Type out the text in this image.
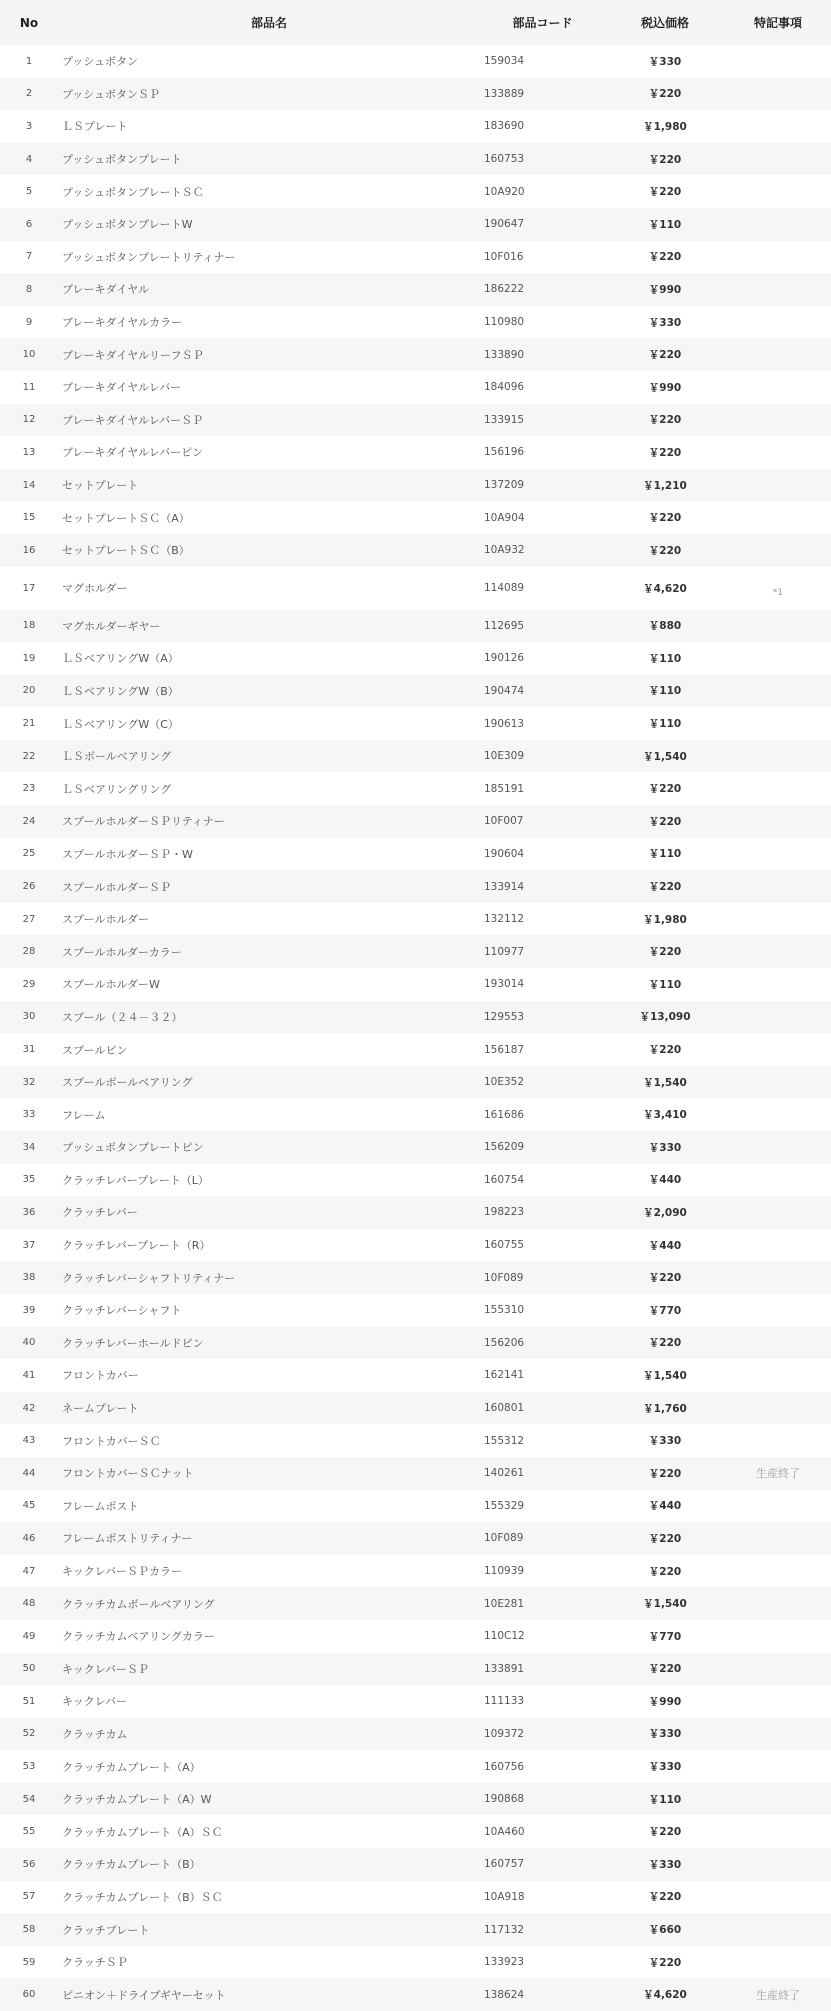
No	部品名	部品コード	税込価格	特記事項
1	プッシュボタン	159034	￥330	
2	プッシュボタンＳＰ	133889	￥220	
3	ＬＳプレート	183690	￥1,980	
4	プッシュボタンプレート	160753	￥220	
5	プッシュボタンプレートＳＣ	10A920	￥220	
6	プッシュボタンプレートW	190647	￥110	
7	プッシュボタンプレートリティナー	10F016	￥220	
8	ブレーキダイヤル	186222	￥990	
9	ブレーキダイヤルカラー	110980	￥330	
10	ブレーキダイヤルリーフＳＰ	133890	￥220	
11	ブレーキダイヤルレバー	184096	￥990	
12	ブレーキダイヤルレバーＳＰ	133915	￥220	
13	ブレーキダイヤルレバーピン	156196	￥220	
14	セットプレート	137209	￥1,210	
15	セットプレートＳＣ（A）	10A904	￥220	
16	セットプレートＳＣ（B）	10A932	￥220	
17	マグホルダー	114089	￥4,620	*1
18	マグホルダーギヤー	112695	￥880	
19	ＬＳベアリングW（A）	190126	￥110	
20	ＬＳベアリングW（B）	190474	￥110	
21	ＬＳベアリングW（C）	190613	￥110	
22	ＬＳボールベアリング	10E309	￥1,540	
23	ＬＳベアリングリング	185191	￥220	
24	スプールホルダーＳＰリティナー	10F007	￥220	
25	スプールホルダーＳＰ・W	190604	￥110	
26	スプールホルダーＳＰ	133914	￥220	
27	スプールホルダー	132112	￥1,980	
28	スプールホルダーカラー	110977	￥220	
29	スプールホルダーW	193014	￥110	
30	スプール（２４－３２）	129553	￥13,090	
31	スプールピン	156187	￥220	
32	スプールボールベアリング	10E352	￥1,540	
33	フレーム	161686	￥3,410	
34	プッシュボタンプレートピン	156209	￥330	
35	クラッチレバープレート（L）	160754	￥440	
36	クラッチレバー	198223	￥2,090	
37	クラッチレバープレート（R）	160755	￥440	
38	クラッチレバーシャフトリティナー	10F089	￥220	
39	クラッチレバーシャフト	155310	￥770	
40	クラッチレバーホールドピン	156206	￥220	
41	フロントカバー	162141	￥1,540	
42	ネームプレート	160801	￥1,760	
43	フロントカバーＳＣ	155312	￥330	
44	フロントカバーＳＣナット	140261	￥220	生産終了
45	フレームポスト	155329	￥440	
46	フレームポストリティナー	10F089	￥220	
47	キックレバーＳＰカラー	110939	￥220	
48	クラッチカムボールベアリング	10E281	￥1,540	
49	クラッチカムベアリングカラー	110C12	￥770	
50	キックレバーＳＰ	133891	￥220	
51	キックレバー	111133	￥990	
52	クラッチカム	109372	￥330	
53	クラッチカムプレート（A）	160756	￥330	
54	クラッチカムプレート（A）W	190868	￥110	
55	クラッチカムプレート（A）ＳＣ	10A460	￥220	
56	クラッチカムプレート（B）	160757	￥330	
57	クラッチカムプレート（B）ＳＣ	10A918	￥220	
58	クラッチプレート	117132	￥660	
59	クラッチＳＰ	133923	￥220	
60	ピニオン＋ドライブギヤーセット	138624	￥4,620	生産終了
